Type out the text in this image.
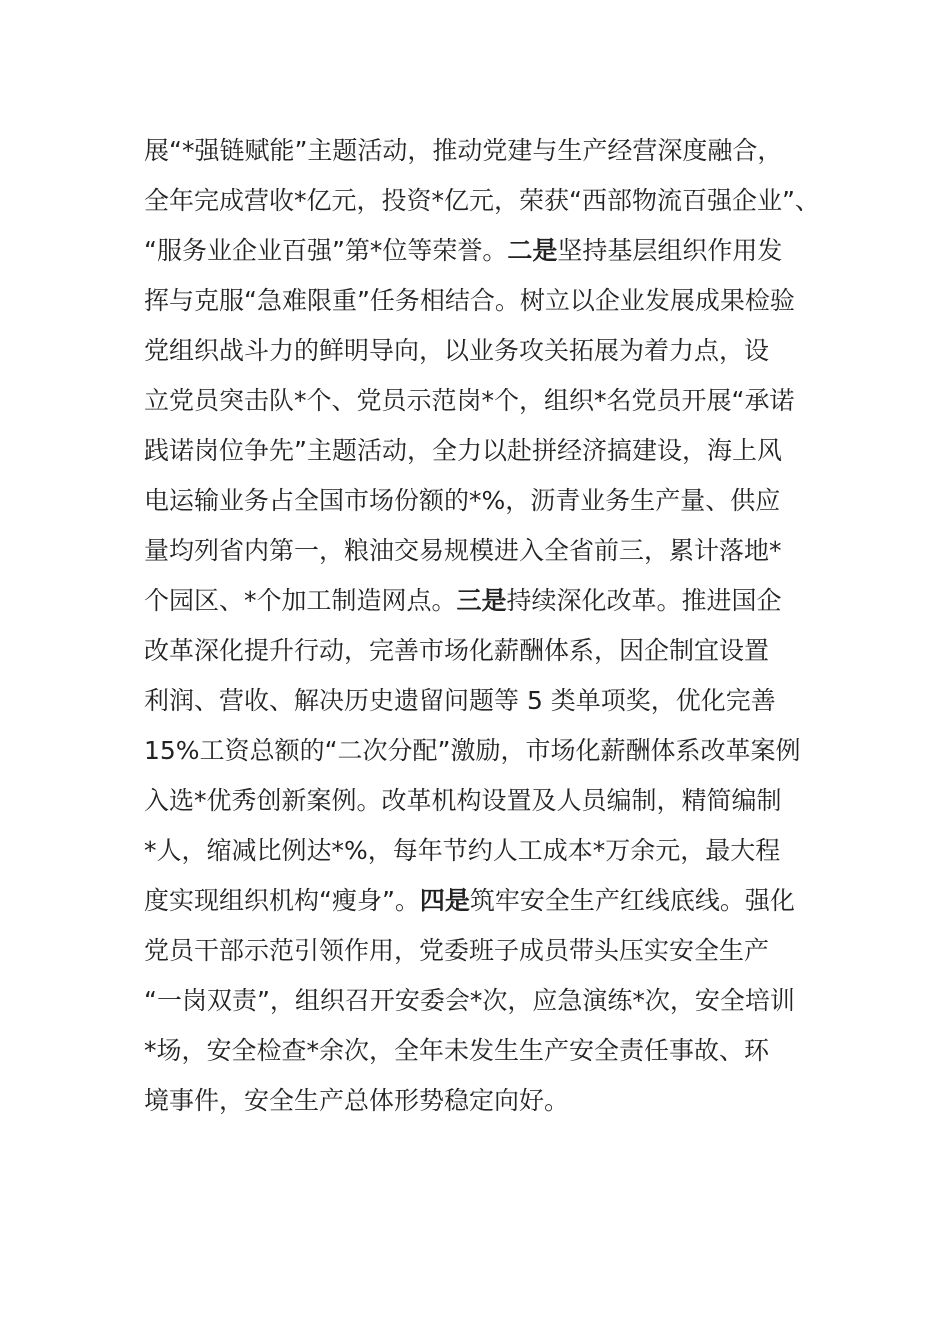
展“*强链赋能”主题活动，推动党建与生产经营深度融合，
全年完成营收*亿元，投资*亿元，荣获“西部物流百强企业”、
“服务业企业百强”第*位等荣誉。二是坚持基层组织作用发
挥与克服“急难限重”任务相结合。树立以企业发展成果检验
党组织战斗力的鲜明导向，以业务攻关拓展为着力点，设
立党员突击队*个、党员示范岗*个，组织*名党员开展“承诺
践诺岗位争先”主题活动，全力以赴拼经济搞建设，海上风
电运输业务占全国市场份额的*%，沥青业务生产量、供应
量均列省内第一，粮油交易规模进入全省前三，累计落地*
个园区、*个加工制造网点。三是持续深化改革。推进国企
改革深化提升行动，完善市场化薪酬体系，因企制宜设置
利润、营收、解决历史遗留问题等 5 类单项奖，优化完善
15%工资总额的“二次分配”激励，市场化薪酬体系改革案例
入选*优秀创新案例。改革机构设置及人员编制，精简编制
*人，缩减比例达*%，每年节约人工成本*万余元，最大程
度实现组织机构“瘦身”。四是筑牢安全生产红线底线。强化
党员干部示范引领作用，党委班子成员带头压实安全生产
“一岗双责”，组织召开安委会*次，应急演练*次，安全培训
*场，安全检查*余次，全年未发生生产安全责任事故、环
境事件，安全生产总体形势稳定向好。
